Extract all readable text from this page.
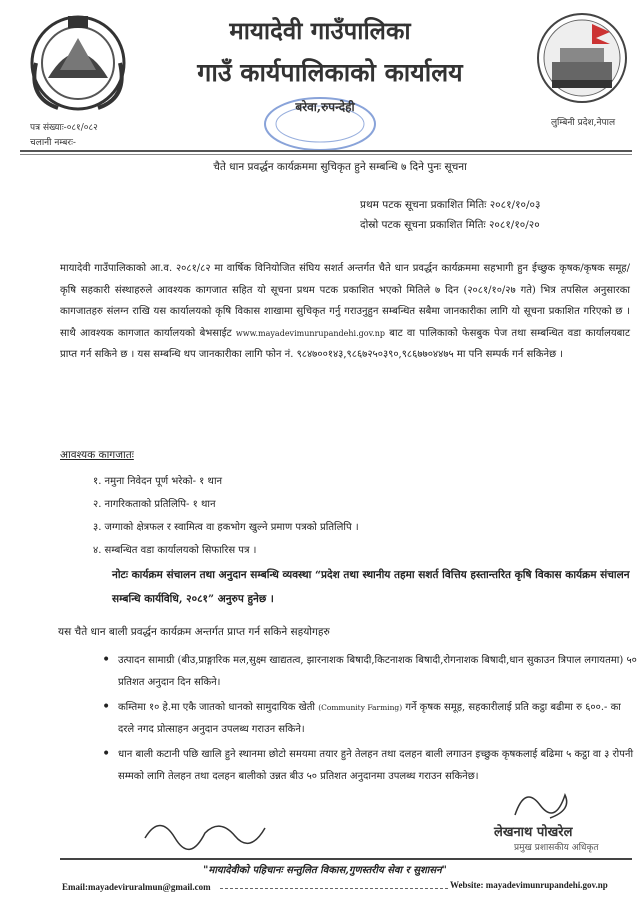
मायादेवी गाउँपालिका
गाउँ कार्यपालिकाको कार्यालय
बरेवा,रुपन्देही
लुम्बिनी प्रदेश,नेपाल
पत्र संख्याः-०८१/०८२
चलानी नम्बरः-
चैते धान प्रवर्द्धन कार्यक्रममा सुचिकृत हुने सम्बन्धि ७ दिने पुनः सूचना
प्रथम पटक सूचना प्रकाशित मितिः २०८१/१०/०३
दोस्रो पटक सूचना प्रकाशित मितिः २०८१/१०/२०
मायादेवी गाउँपालिकाको आ.व. २०८१/८२ मा वार्षिक विनियोजित संघिय सशर्त अन्तर्गत चैते धान प्रवर्द्धन कार्यक्रममा सहभागी हुन ईच्छुक कृषक/कृषक समूह/कृषि सहकारी संस्थाहरुले आवश्यक कागजात सहित यो सूचना प्रथम पटक प्रकाशित भएको मितिले ७ दिन (२०८१/१०/२७ गते) भित्र तपसिल अनुसारका कागजातहरु संलग्न राखि यस कार्यालयको कृषि विकास शाखामा सुचिकृत गर्नु गराउनुहुन सम्बन्धित सबैमा जानकारीका लागि यो सूचना प्रकाशित गरिएको छ । साथै आवश्यक कागजात कार्यालयको बेभसाईट www.mayadevimunrupandehi.gov.np बाट वा पालिकाको फेसबुक पेज तथा सम्बन्धित वडा कार्यालयबाट प्राप्त गर्न सकिने छ । यस सम्बन्धि थप जानकारीका लागि फोन नं. ९८४७००१४३,९८६७२५०३९०,९८६७७०४४७५ मा पनि सम्पर्क गर्न सकिनेछ ।
आवश्यक कागजातः
१. नमुना निवेदन पूर्ण भरेको- १ थान
२. नागरिकताको प्रतिलिपि- १ थान
३. जग्गाको क्षेत्रफल र स्वामित्व वा हकभोग खुल्ने प्रमाण पत्रको प्रतिलिपि ।
४. सम्बन्धित वडा कार्यालयको सिफारिस पत्र ।
नोटः कार्यक्रम संचालन तथा अनुदान सम्बन्धि व्यवस्था “प्रदेश तथा स्थानीय तहमा सशर्त वित्तिय हस्तान्तरित कृषि विकास कार्यक्रम संचालन सम्बन्धि कार्यविधि, २०८१” अनुरुप हुनेछ ।
यस चैते धान बाली प्रवर्द्धन कार्यक्रम अन्तर्गत प्राप्त गर्न सकिने सहयोगहरु
• उत्पादन सामाग्री (बीउ,प्राङ्गारिक मल,सुक्ष्म खाद्यतत्व, झारनाशक बिषादी,किटनाशक बिषादी,रोगनाशक बिषादी,धान सुकाउन त्रिपाल लगायतमा) ५० प्रतिशत अनुदान दिन सकिने।
• कम्तिमा १० हे.मा एकै जातको धानको सामुदायिक खेती (Community Farming) गर्ने कृषक समूह, सहकारीलाई प्रति कट्ठा बढीमा रु ६००.- का दरले नगद प्रोत्साहन अनुदान उपलब्ध गराउन सकिने।
• धान बाली कटानी पछि खालि हुने स्थानमा छोटो समयमा तयार हुने तेलहन तथा दलहन बाली लगाउन इच्छुक कृषकलाई बढिमा ५ कट्ठा वा ३ रोपनी सम्मको लागि तेलहन तथा दलहन बालीको उन्नत बीउ ५० प्रतिशत अनुदानमा उपलब्ध गराउन सकिनेछ।
लेखनाथ पोखरेल
प्रमुख प्रशासकीय अधिकृत
"मायादेवीको पहिचानः सन्तुलित विकास,गुणस्तरीय सेवा र सुशासन"
Email:mayadeviruralmun@gmail.com	Website: mayadevimunrupandehi.gov.np
